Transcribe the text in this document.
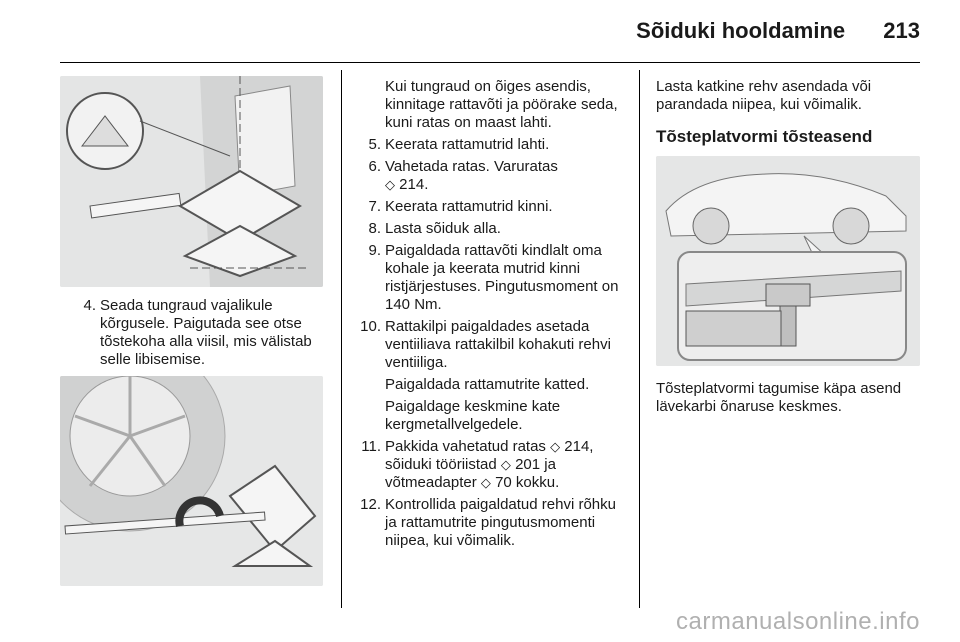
Sõiduki hooldamine 213
4. Seada tungraud vajalikule kõrgusele. Paigutada see otse tõstekoha alla viisil, mis välistab selle libisemise.
Kui tungraud on õiges asendis, kinnitage rattavõti ja pöörake seda, kuni ratas on maast lahti.
5. Keerata rattamutrid lahti.
6. Vahetada ratas. Varuratas
◇ 214.
7. Keerata rattamutrid kinni.
8. Lasta sõiduk alla.
9. Paigaldada rattavõti kindlalt oma kohale ja keerata mutrid kinni ristjärjestuses. Pingutusmoment on 140 Nm.
10. Rattakilpi paigaldades asetada ventiiliava rattakilbil kohakuti rehvi ventiiliga.
Paigaldada rattamutrite katted.
Paigaldage keskmine kate kergmetallvelgedele.
11. Pakkida vahetatud ratas ◇ 214,
sõiduki tööriistad ◇ 201 ja
võtmeadapter ◇ 70 kokku.
12. Kontrollida paigaldatud rehvi rõhku ja rattamutrite pingutusmomenti niipea, kui võimalik.
Lasta katkine rehv asendada või parandada niipea, kui võimalik.
Tõsteplatvormi tõsteasend
Tõsteplatvormi tagumise käpa asend lävekarbi õnaruse keskmes.
carmanualsonline.info
